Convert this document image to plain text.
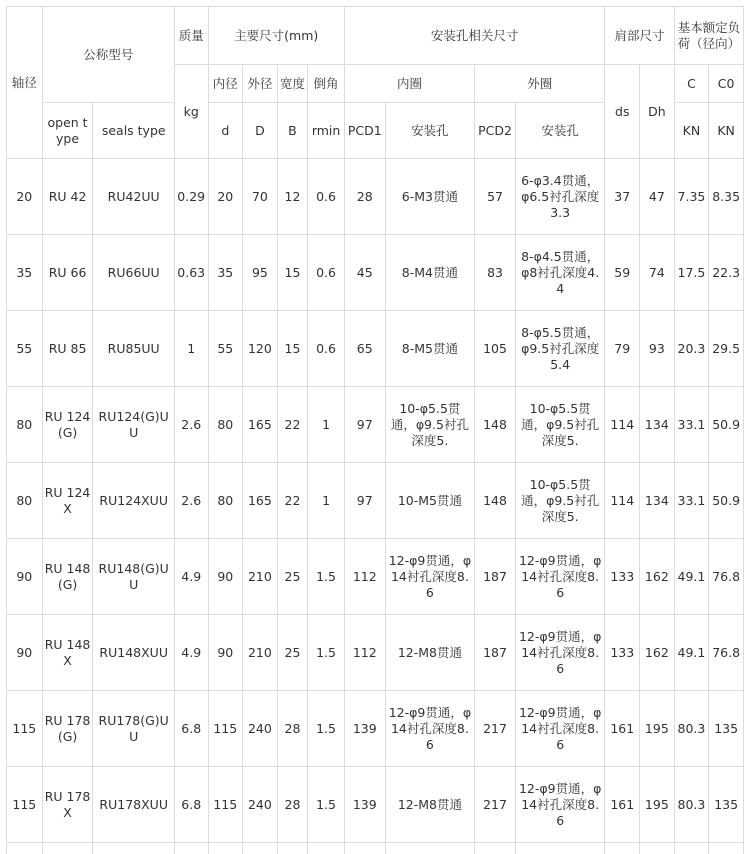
轴径	公称型号		质量	主要尺寸(mm)				安装孔相关尺寸				肩部尺寸		基本额定负荷（径向）	
			kg	内径	外径	宽度	倒角	内圈		外圈		ds	Dh	C	C0
	open type	seals type		d	D	B	rmin	PCD1	安装孔	PCD2	安装孔			KN	KN
20	RU 42	RU42UU	0.29	20	70	12	0.6	28	6-M3贯通	57	6-φ3.4贯通，φ6.5衬孔深度3.3	37	47	7.35	8.35
35	RU 66	RU66UU	0.63	35	95	15	0.6	45	8-M4贯通	83	8-φ4.5贯通，φ8衬孔深度4.4	59	74	17.5	22.3
55	RU 85	RU85UU	1	55	120	15	0.6	65	8-M5贯通	105	8-φ5.5贯通，φ9.5衬孔深度5.4	79	93	20.3	29.5
80	RU 124(G)	RU124(G)UU	2.6	80	165	22	1	97	10-φ5.5贯通，φ9.5衬孔深度5.	148	10-φ5.5贯通，φ9.5衬孔深度5.	114	134	33.1	50.9
80	RU 124X	RU124XUU	2.6	80	165	22	1	97	10-M5贯通	148	10-φ5.5贯通，φ9.5衬孔深度5.	114	134	33.1	50.9
90	RU 148(G)	RU148(G)UU	4.9	90	210	25	1.5	112	12-φ9贯通，φ14衬孔深度8.6	187	12-φ9贯通，φ14衬孔深度8.6	133	162	49.1	76.8
90	RU 148X	RU148XUU	4.9	90	210	25	1.5	112	12-M8贯通	187	12-φ9贯通，φ14衬孔深度8.6	133	162	49.1	76.8
115	RU 178(G)	RU178(G)UU	6.8	115	240	28	1.5	139	12-φ9贯通，φ14衬孔深度8.6	217	12-φ9贯通，φ14衬孔深度8.6	161	195	80.3	135
115	RU 178X	RU178XUU	6.8	115	240	28	1.5	139	12-M8贯通	217	12-φ9贯通，φ14衬孔深度8.6	161	195	80.3	135
